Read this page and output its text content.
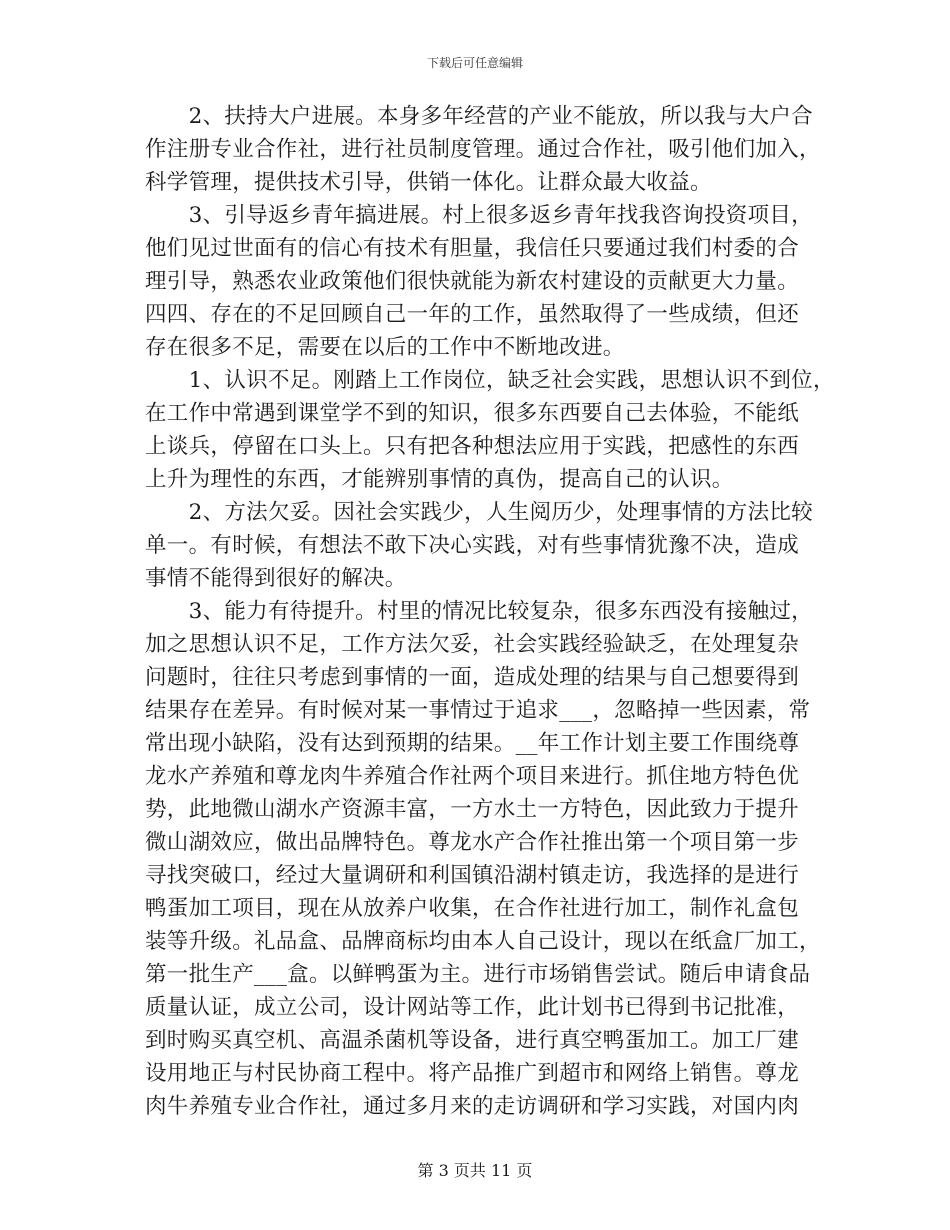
下载后可任意编辑
　　2、扶持大户进展。本身多年经营的产业不能放，所以我与大户合
作注册专业合作社，进行社员制度管理。通过合作社，吸引他们加入，
科学管理，提供技术引导，供销一体化。让群众最大收益。
　　3、引导返乡青年搞进展。村上很多返乡青年找我咨询投资项目，
他们见过世面有的信心有技术有胆量，我信任只要通过我们村委的合
理引导，熟悉农业政策他们很快就能为新农村建设的贡献更大力量。
四四、存在的不足回顾自己一年的工作，虽然取得了一些成绩，但还
存在很多不足，需要在以后的工作中不断地改进。
　　1、认识不足。刚踏上工作岗位，缺乏社会实践，思想认识不到位，
在工作中常遇到课堂学不到的知识，很多东西要自己去体验，不能纸
上谈兵，停留在口头上。只有把各种想法应用于实践，把感性的东西
上升为理性的东西，才能辨别事情的真伪，提高自己的认识。
　　2、方法欠妥。因社会实践少，人生阅历少，处理事情的方法比较
单一。有时候，有想法不敢下决心实践，对有些事情犹豫不决，造成
事情不能得到很好的解决。
　　3、能力有待提升。村里的情况比较复杂，很多东西没有接触过，
加之思想认识不足，工作方法欠妥，社会实践经验缺乏，在处理复杂
问题时，往往只考虑到事情的一面，造成处理的结果与自己想要得到
结果存在差异。有时候对某一事情过于追求___，忽略掉一些因素，常
常出现小缺陷，没有达到预期的结果。__年工作计划主要工作围绕尊
龙水产养殖和尊龙肉牛养殖合作社两个项目来进行。抓住地方特色优
势，此地微山湖水产资源丰富，一方水土一方特色，因此致力于提升
微山湖效应，做出品牌特色。尊龙水产合作社推出第一个项目第一步
寻找突破口，经过大量调研和利国镇沿湖村镇走访，我选择的是进行
鸭蛋加工项目，现在从放养户收集，在合作社进行加工，制作礼盒包
装等升级。礼品盒、品牌商标均由本人自己设计，现以在纸盒厂加工，
第一批生产___盒。以鲜鸭蛋为主。进行市场销售尝试。随后申请食品
质量认证，成立公司，设计网站等工作，此计划书已得到书记批准，
到时购买真空机、高温杀菌机等设备，进行真空鸭蛋加工。加工厂建
设用地正与村民协商工程中。将产品推广到超市和网络上销售。尊龙
肉牛养殖专业合作社，通过多月来的走访调研和学习实践，对国内肉
第 3 页共 11 页
